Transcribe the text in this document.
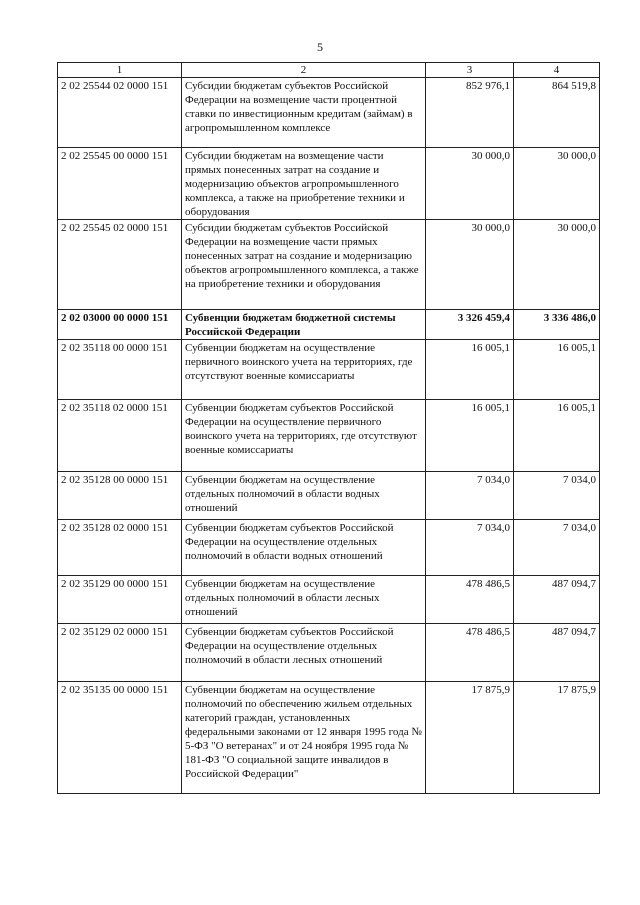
5
1	2	3	4
2 02 25544 02 0000 151	Субсидии бюджетам субъектов Российской Федерации на возмещение части процентной ставки по инвестиционным кредитам (займам) в агропромышленном комплексе	852 976,1	864 519,8
2 02 25545 00 0000 151	Субсидии бюджетам на возмещение части прямых понесенных затрат на создание и модернизацию объектов агропромышленного комплекса, а также на приобретение техники и оборудования	30 000,0	30 000,0
2 02 25545 02 0000 151	Субсидии бюджетам субъектов Российской Федерации на возмещение части прямых понесенных затрат на создание и модернизацию объектов агропромышленного комплекса, а также на приобретение техники и оборудования	30 000,0	30 000,0
2 02 03000 00 0000 151	Субвенции бюджетам бюджетной системы Российской Федерации	3 326 459,4	3 336 486,0
2 02 35118 00 0000 151	Субвенции бюджетам на осуществление первичного воинского учета на территориях, где отсутствуют военные комиссариаты	16 005,1	16 005,1
2 02 35118 02 0000 151	Субвенции бюджетам субъектов Российской Федерации на осуществление первичного воинского учета на территориях, где отсутствуют военные комиссариаты	16 005,1	16 005,1
2 02 35128 00 0000 151	Субвенции бюджетам на осуществление отдельных полномочий в области водных отношений	7 034,0	7 034,0
2 02 35128 02 0000 151	Субвенции бюджетам субъектов Российской Федерации на осуществление отдельных полномочий в области водных отношений	7 034,0	7 034,0
2 02 35129 00 0000 151	Субвенции бюджетам на осуществление отдельных полномочий в области лесных отношений	478 486,5	487 094,7
2 02 35129 02 0000 151	Субвенции бюджетам субъектов Российской Федерации на осуществление отдельных полномочий в области лесных отношений	478 486,5	487 094,7
2 02 35135 00 0000 151	Субвенции бюджетам на осуществление полномочий по обеспечению жильем отдельных категорий граждан, установленных федеральными законами от 12 января 1995 года № 5-ФЗ "О ветеранах" и от 24 ноября 1995 года № 181-ФЗ "О социальной защите инвалидов в Российской Федерации"	17 875,9	17 875,9
